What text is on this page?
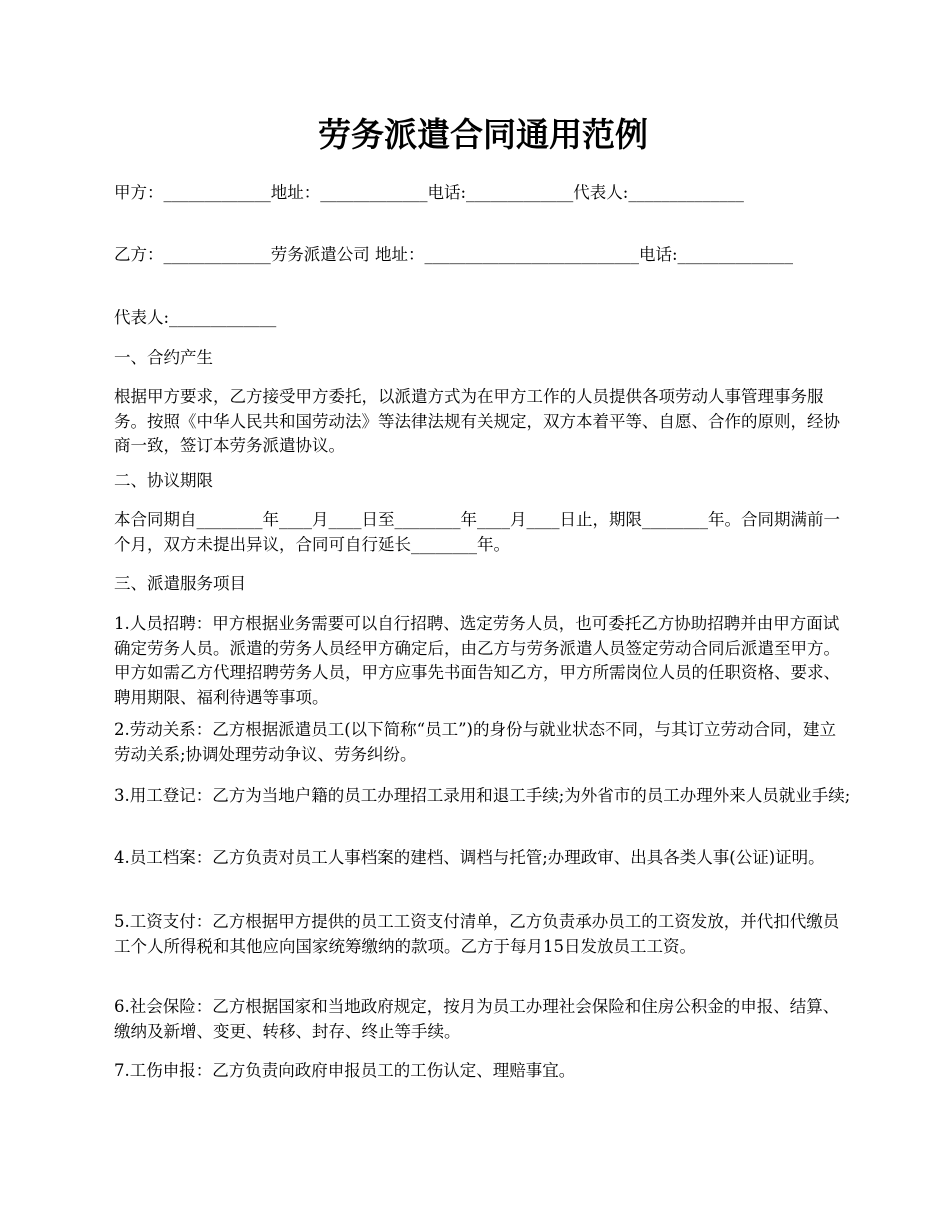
劳务派遣合同通用范例

甲方：_____________地址：_____________电话:_____________代表人:______________

乙方：_____________劳务派遣公司 地址：__________________________电话:______________

代表人:_____________

一、合约产生

根据甲方要求，乙方接受甲方委托，以派遣方式为在甲方工作的人员提供各项劳动人事管理事务服务。按照《中华人民共和国劳动法》等法律法规有关规定，双方本着平等、自愿、合作的原则，经协商一致，签订本劳务派遣协议。

二、协议期限

本合同期自________年____月____日至________年____月____日止，期限________年。合同期满前一个月，双方未提出异议，合同可自行延长________年。

三、派遣服务项目

1.人员招聘：甲方根据业务需要可以自行招聘、选定劳务人员，也可委托乙方协助招聘并由甲方面试确定劳务人员。派遣的劳务人员经甲方确定后，由乙方与劳务派遣人员签定劳动合同后派遣至甲方。甲方如需乙方代理招聘劳务人员，甲方应事先书面告知乙方，甲方所需岗位人员的任职资格、要求、聘用期限、福利待遇等事项。

2.劳动关系：乙方根据派遣员工(以下简称“员工”)的身份与就业状态不同，与其订立劳动合同，建立劳动关系;协调处理劳动争议、劳务纠纷。

3.用工登记：乙方为当地户籍的员工办理招工录用和退工手续;为外省市的员工办理外来人员就业手续;

4.员工档案：乙方负责对员工人事档案的建档、调档与托管;办理政审、出具各类人事(公证)证明。

5.工资支付：乙方根据甲方提供的员工工资支付清单，乙方负责承办员工的工资发放，并代扣代缴员工个人所得税和其他应向国家统筹缴纳的款项。乙方于每月15日发放员工工资。

6.社会保险：乙方根据国家和当地政府规定，按月为员工办理社会保险和住房公积金的申报、结算、缴纳及新增、变更、转移、封存、终止等手续。

7.工伤申报：乙方负责向政府申报员工的工伤认定、理赔事宜。
